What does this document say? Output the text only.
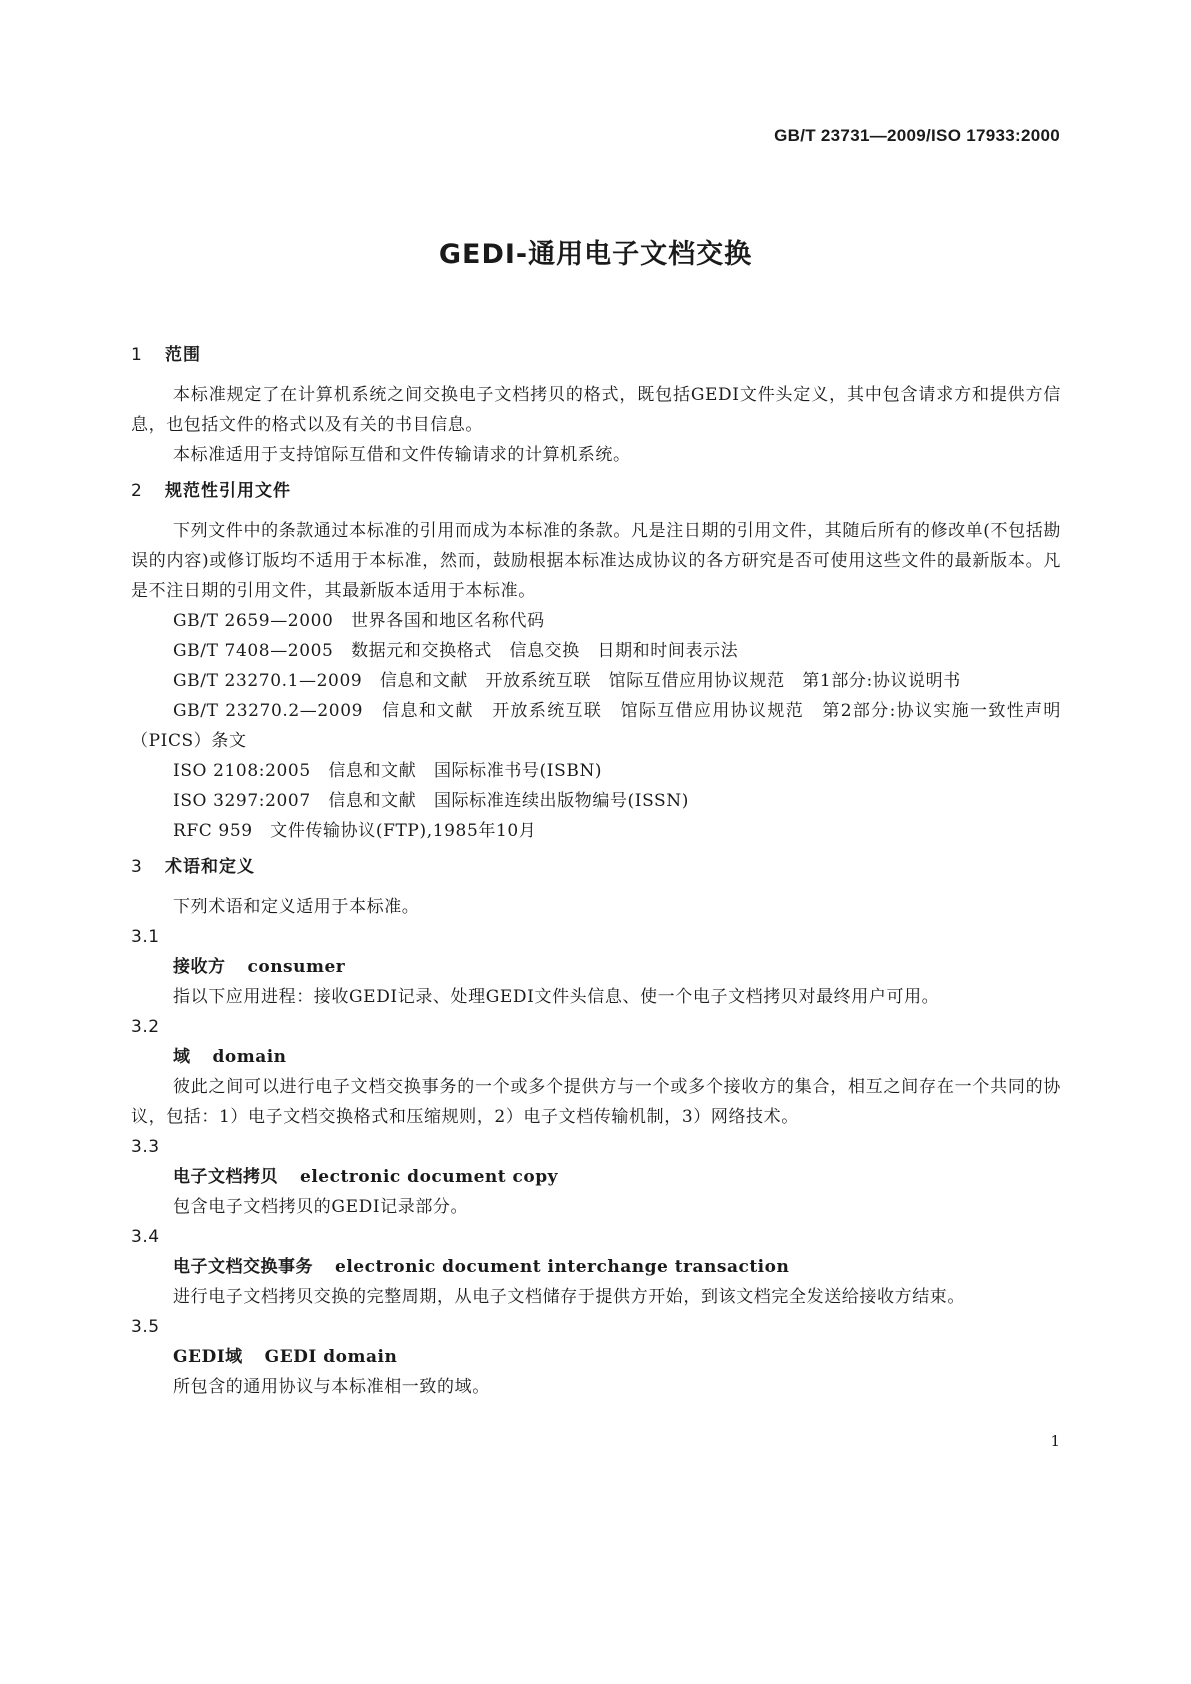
GB/T 23731—2009/ISO 17933:2000
GEDI-通用电子文档交换
1 范围
本标准规定了在计算机系统之间交换电子文档拷贝的格式，既包括GEDI文件头定义，其中包含请求方和提供方信息，也包括文件的格式以及有关的书目信息。
本标准适用于支持馆际互借和文件传输请求的计算机系统。
2 规范性引用文件
下列文件中的条款通过本标准的引用而成为本标准的条款。凡是注日期的引用文件，其随后所有的修改单(不包括勘误的内容)或修订版均不适用于本标准，然而，鼓励根据本标准达成协议的各方研究是否可使用这些文件的最新版本。凡是不注日期的引用文件，其最新版本适用于本标准。
GB/T 2659—2000　世界各国和地区名称代码
GB/T 7408—2005　数据元和交换格式　信息交换　日期和时间表示法
GB/T 23270.1—2009　信息和文献　开放系统互联　馆际互借应用协议规范　第1部分:协议说明书
GB/T 23270.2—2009　信息和文献　开放系统互联　馆际互借应用协议规范　第2部分:协议实施一致性声明（PICS）条文
ISO 2108:2005　信息和文献　国际标准书号(ISBN)
ISO 3297:2007　信息和文献　国际标准连续出版物编号(ISSN)
RFC 959　文件传输协议(FTP),1985年10月
3 术语和定义
下列术语和定义适用于本标准。
3.1
接收方 consumer
指以下应用进程：接收GEDI记录、处理GEDI文件头信息、使一个电子文档拷贝对最终用户可用。
3.2
域 domain
彼此之间可以进行电子文档交换事务的一个或多个提供方与一个或多个接收方的集合，相互之间存在一个共同的协议，包括：1）电子文档交换格式和压缩规则，2）电子文档传输机制，3）网络技术。
3.3
电子文档拷贝 electronic document copy
包含电子文档拷贝的GEDI记录部分。
3.4
电子文档交换事务 electronic document interchange transaction
进行电子文档拷贝交换的完整周期，从电子文档储存于提供方开始，到该文档完全发送给接收方结束。
3.5
GEDI域 GEDI domain
所包含的通用协议与本标准相一致的域。
1
